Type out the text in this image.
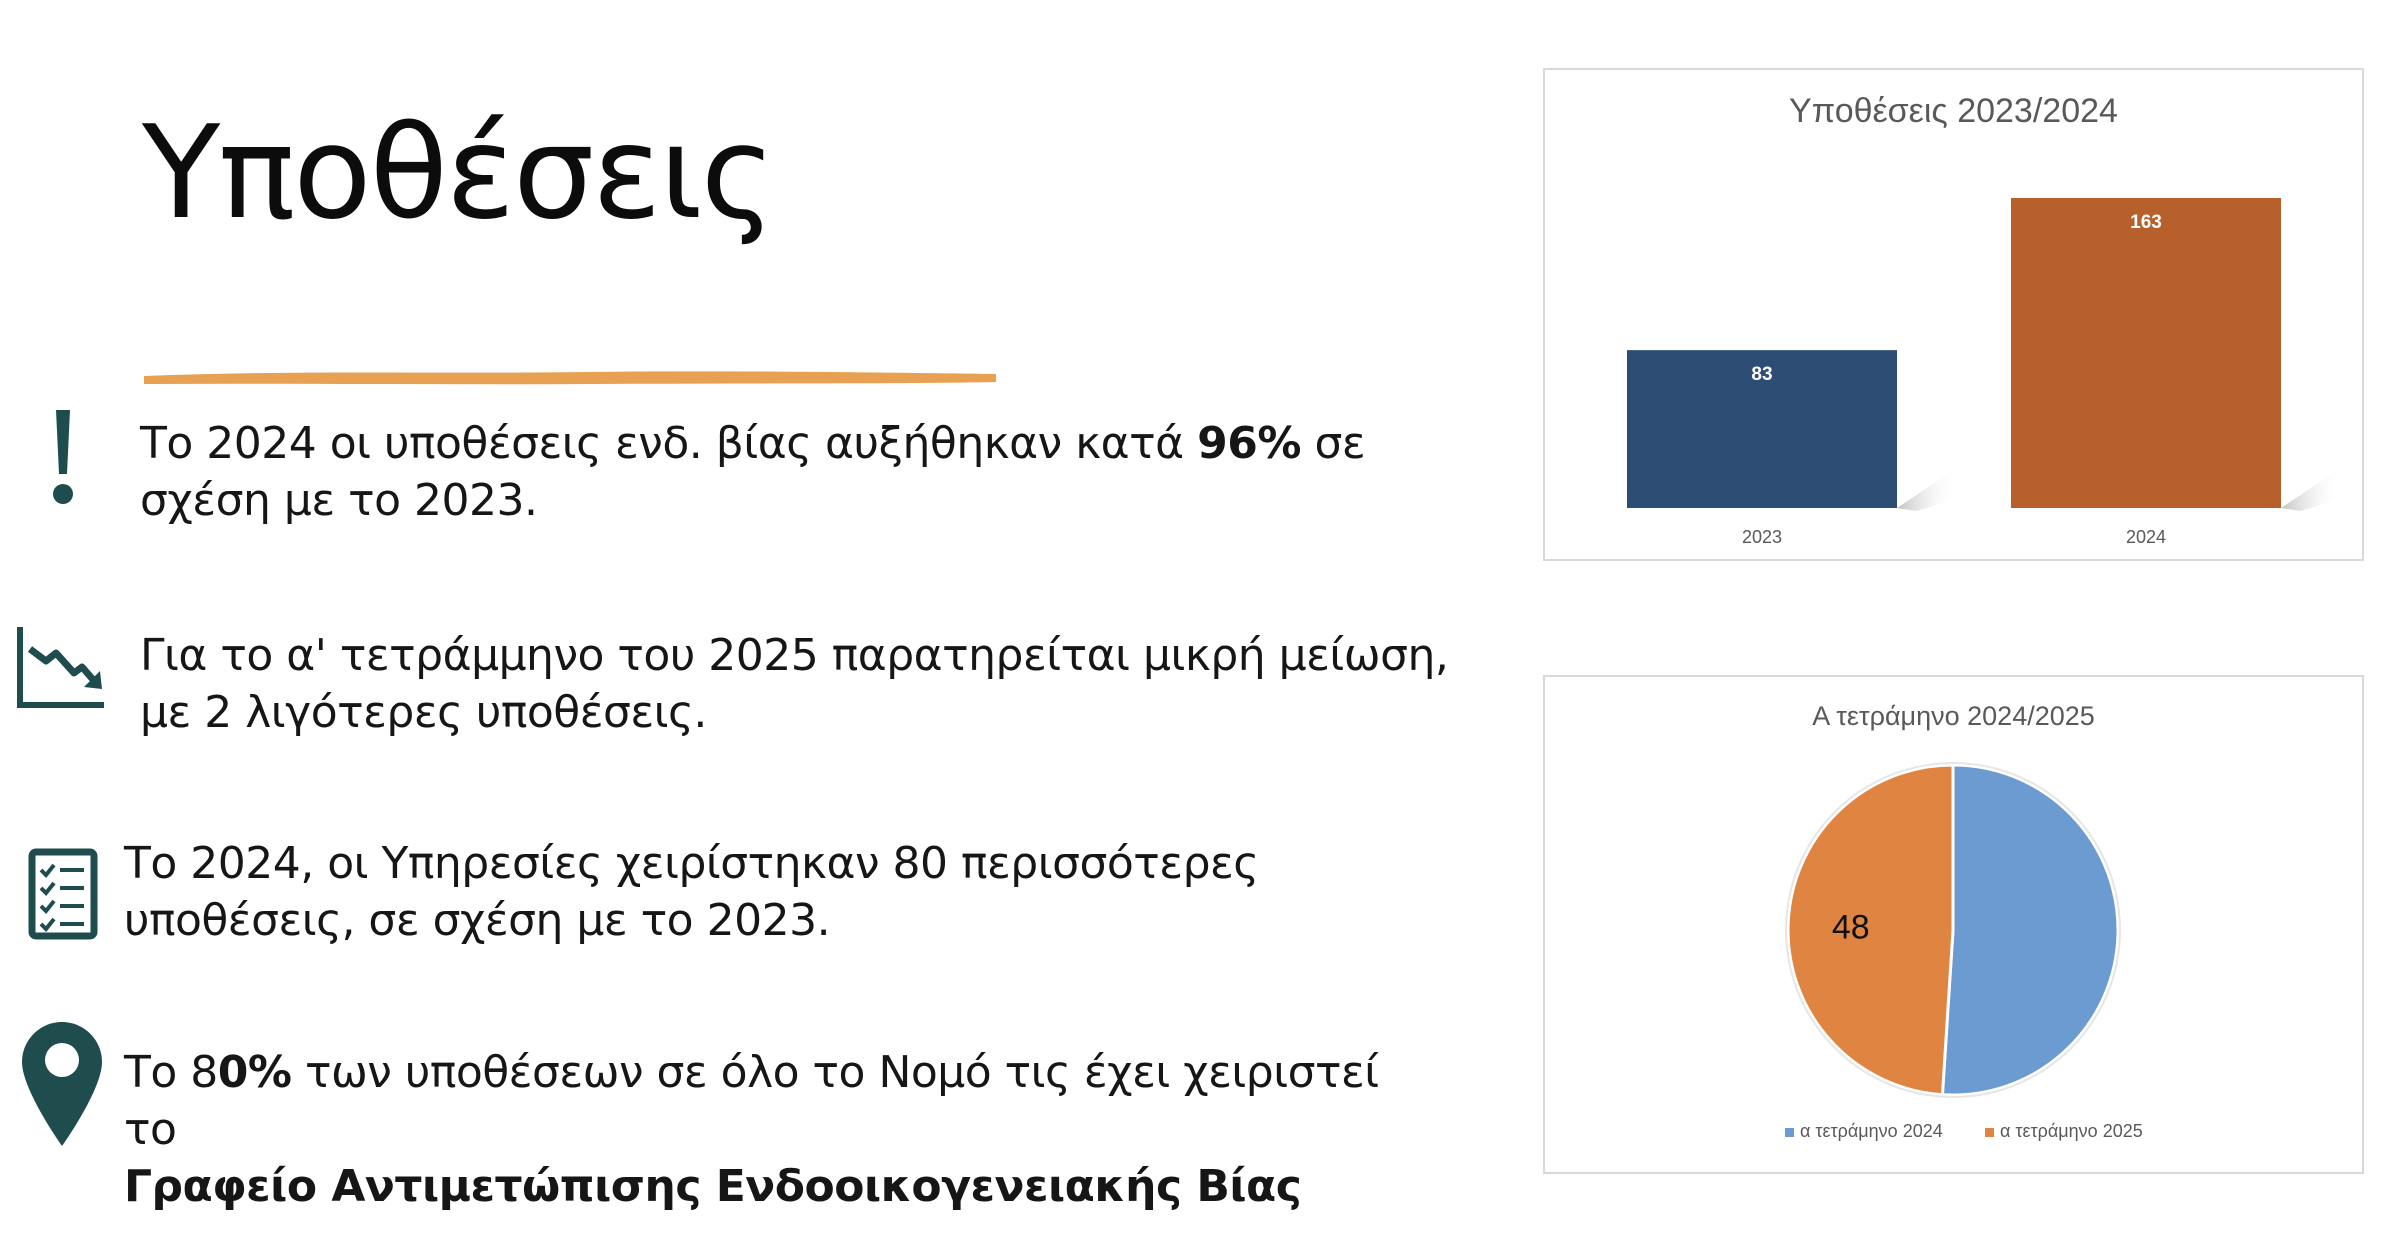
Υποθέσεις
Το 2024 οι υποθέσεις ενδ. βίας αυξήθηκαν κατά 96% σε σχέση με το 2023.
Για το α' τετράμμηνο του 2025 παρατηρείται μικρή μείωση, με 2 λιγότερες υποθέσεις.
Το 2024, οι Υπηρεσίες χειρίστηκαν 80 περισσότερες υποθέσεις, σε σχέση με το 2023.
Το 80% των υποθέσεων σε όλο το Νομό τις έχει χειριστεί το
Γραφείο Αντιμετώπισης Ενδοοικογενειακής Βίας
Υποθέσεις 2023/2024
83
2023
163
2024
Α τετράμηνο 2024/2025
48
α τετράμηνο 2024	α τετράμηνο 2025
